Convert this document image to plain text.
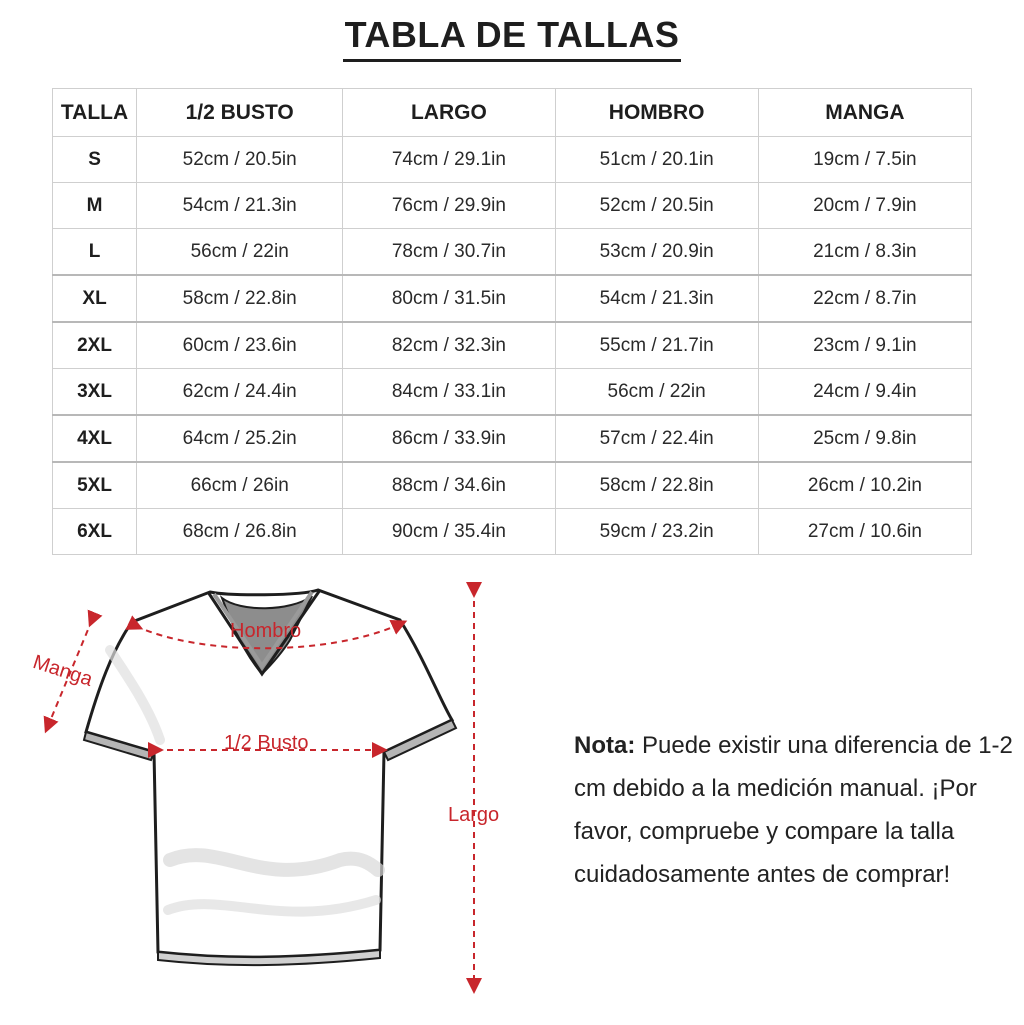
TABLA DE TALLAS
TALLA	1/2 BUSTO	LARGO	HOMBRO	MANGA
S	52cm / 20.5in	74cm / 29.1in	51cm / 20.1in	19cm / 7.5in
M	54cm / 21.3in	76cm / 29.9in	52cm / 20.5in	20cm / 7.9in
L	56cm / 22in	78cm / 30.7in	53cm / 20.9in	21cm / 8.3in
XL	58cm / 22.8in	80cm / 31.5in	54cm / 21.3in	22cm / 8.7in
2XL	60cm / 23.6in	82cm / 32.3in	55cm / 21.7in	23cm / 9.1in
3XL	62cm / 24.4in	84cm / 33.1in	56cm / 22in	24cm / 9.4in
4XL	64cm / 25.2in	86cm / 33.9in	57cm / 22.4in	25cm / 9.8in
5XL	66cm / 26in	88cm / 34.6in	58cm / 22.8in	26cm / 10.2in
6XL	68cm / 26.8in	90cm / 35.4in	59cm / 23.2in	27cm / 10.6in
Hombro
1/2 Busto
Manga
Largo
Nota: Puede existir una diferencia de 1-2 cm debido a la medición manual. ¡Por favor, compruebe y compare la talla cuidadosamente antes de comprar!
